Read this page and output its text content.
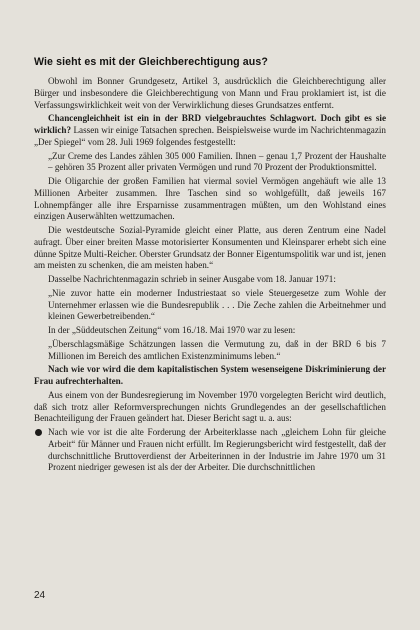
Wie sieht es mit der Gleichberechtigung aus?

Obwohl im Bonner Grundgesetz, Artikel 3, ausdrücklich die Gleichberechtigung aller Bürger und insbesondere die Gleichberechtigung von Mann und Frau proklamiert ist, ist die Verfassungswirklichkeit weit von der Verwirklichung dieses Grundsatzes entfernt.

Chancengleichheit ist ein in der BRD vielgebrauchtes Schlagwort. Doch gibt es sie wirklich? Lassen wir einige Tatsachen sprechen. Beispielsweise wurde im Nachrichtenmagazin „Der Spiegel“ vom 28. Juli 1969 folgendes festgestellt:

„Zur Creme des Landes zählen 305 000 Familien. Ihnen – genau 1,7 Prozent der Haushalte – gehören 35 Prozent aller privaten Vermögen und rund 70 Prozent der Produktionsmittel.

Die Oligarchie der großen Familien hat viermal soviel Vermögen angehäuft wie alle 13 Millionen Arbeiter zusammen. Ihre Taschen sind so wohlgefüllt, daß jeweils 167 Lohnempfänger alle ihre Ersparnisse zusammentragen müßten, um den Wohlstand eines einzigen Auserwählten wettzumachen.

Die westdeutsche Sozial-Pyramide gleicht einer Platte, aus deren Zentrum eine Nadel aufragt. Über einer breiten Masse motorisierter Konsumenten und Kleinsparer erhebt sich eine dünne Spitze Multi-Reicher. Oberster Grundsatz der Bonner Eigentumspolitik war und ist, jenen am meisten zu schenken, die am meisten haben.“

Dasselbe Nachrichtenmagazin schrieb in seiner Ausgabe vom 18. Januar 1971:

„Nie zuvor hatte ein moderner Industriestaat so viele Steuergesetze zum Wohle der Unternehmer erlassen wie die Bundesrepublik . . . Die Zeche zahlen die Arbeitnehmer und kleinen Gewerbetreibenden.“

In der „Süddeutschen Zeitung“ vom 16./18. Mai 1970 war zu lesen:

„Überschlagsmäßige Schätzungen lassen die Vermutung zu, daß in der BRD 6 bis 7 Millionen im Bereich des amtlichen Existenzminimums leben.“

Nach wie vor wird die dem kapitalistischen System wesenseigene Diskriminierung der Frau aufrechterhalten.

Aus einem von der Bundesregierung im November 1970 vorgelegten Bericht wird deutlich, daß sich trotz aller Reformversprechungen nichts Grundlegendes an der gesellschaftlichen Benachteiligung der Frauen geändert hat. Dieser Bericht sagt u. a. aus:

Nach wie vor ist die alte Forderung der Arbeiterklasse nach „gleichem Lohn für gleiche Arbeit“ für Männer und Frauen nicht erfüllt. Im Regierungsbericht wird festgestellt, daß der durchschnittliche Bruttoverdienst der Arbeiterinnen in der Industrie im Jahre 1970 um 31 Prozent niedriger gewesen ist als der der Arbeiter. Die durchschnittlichen

24
